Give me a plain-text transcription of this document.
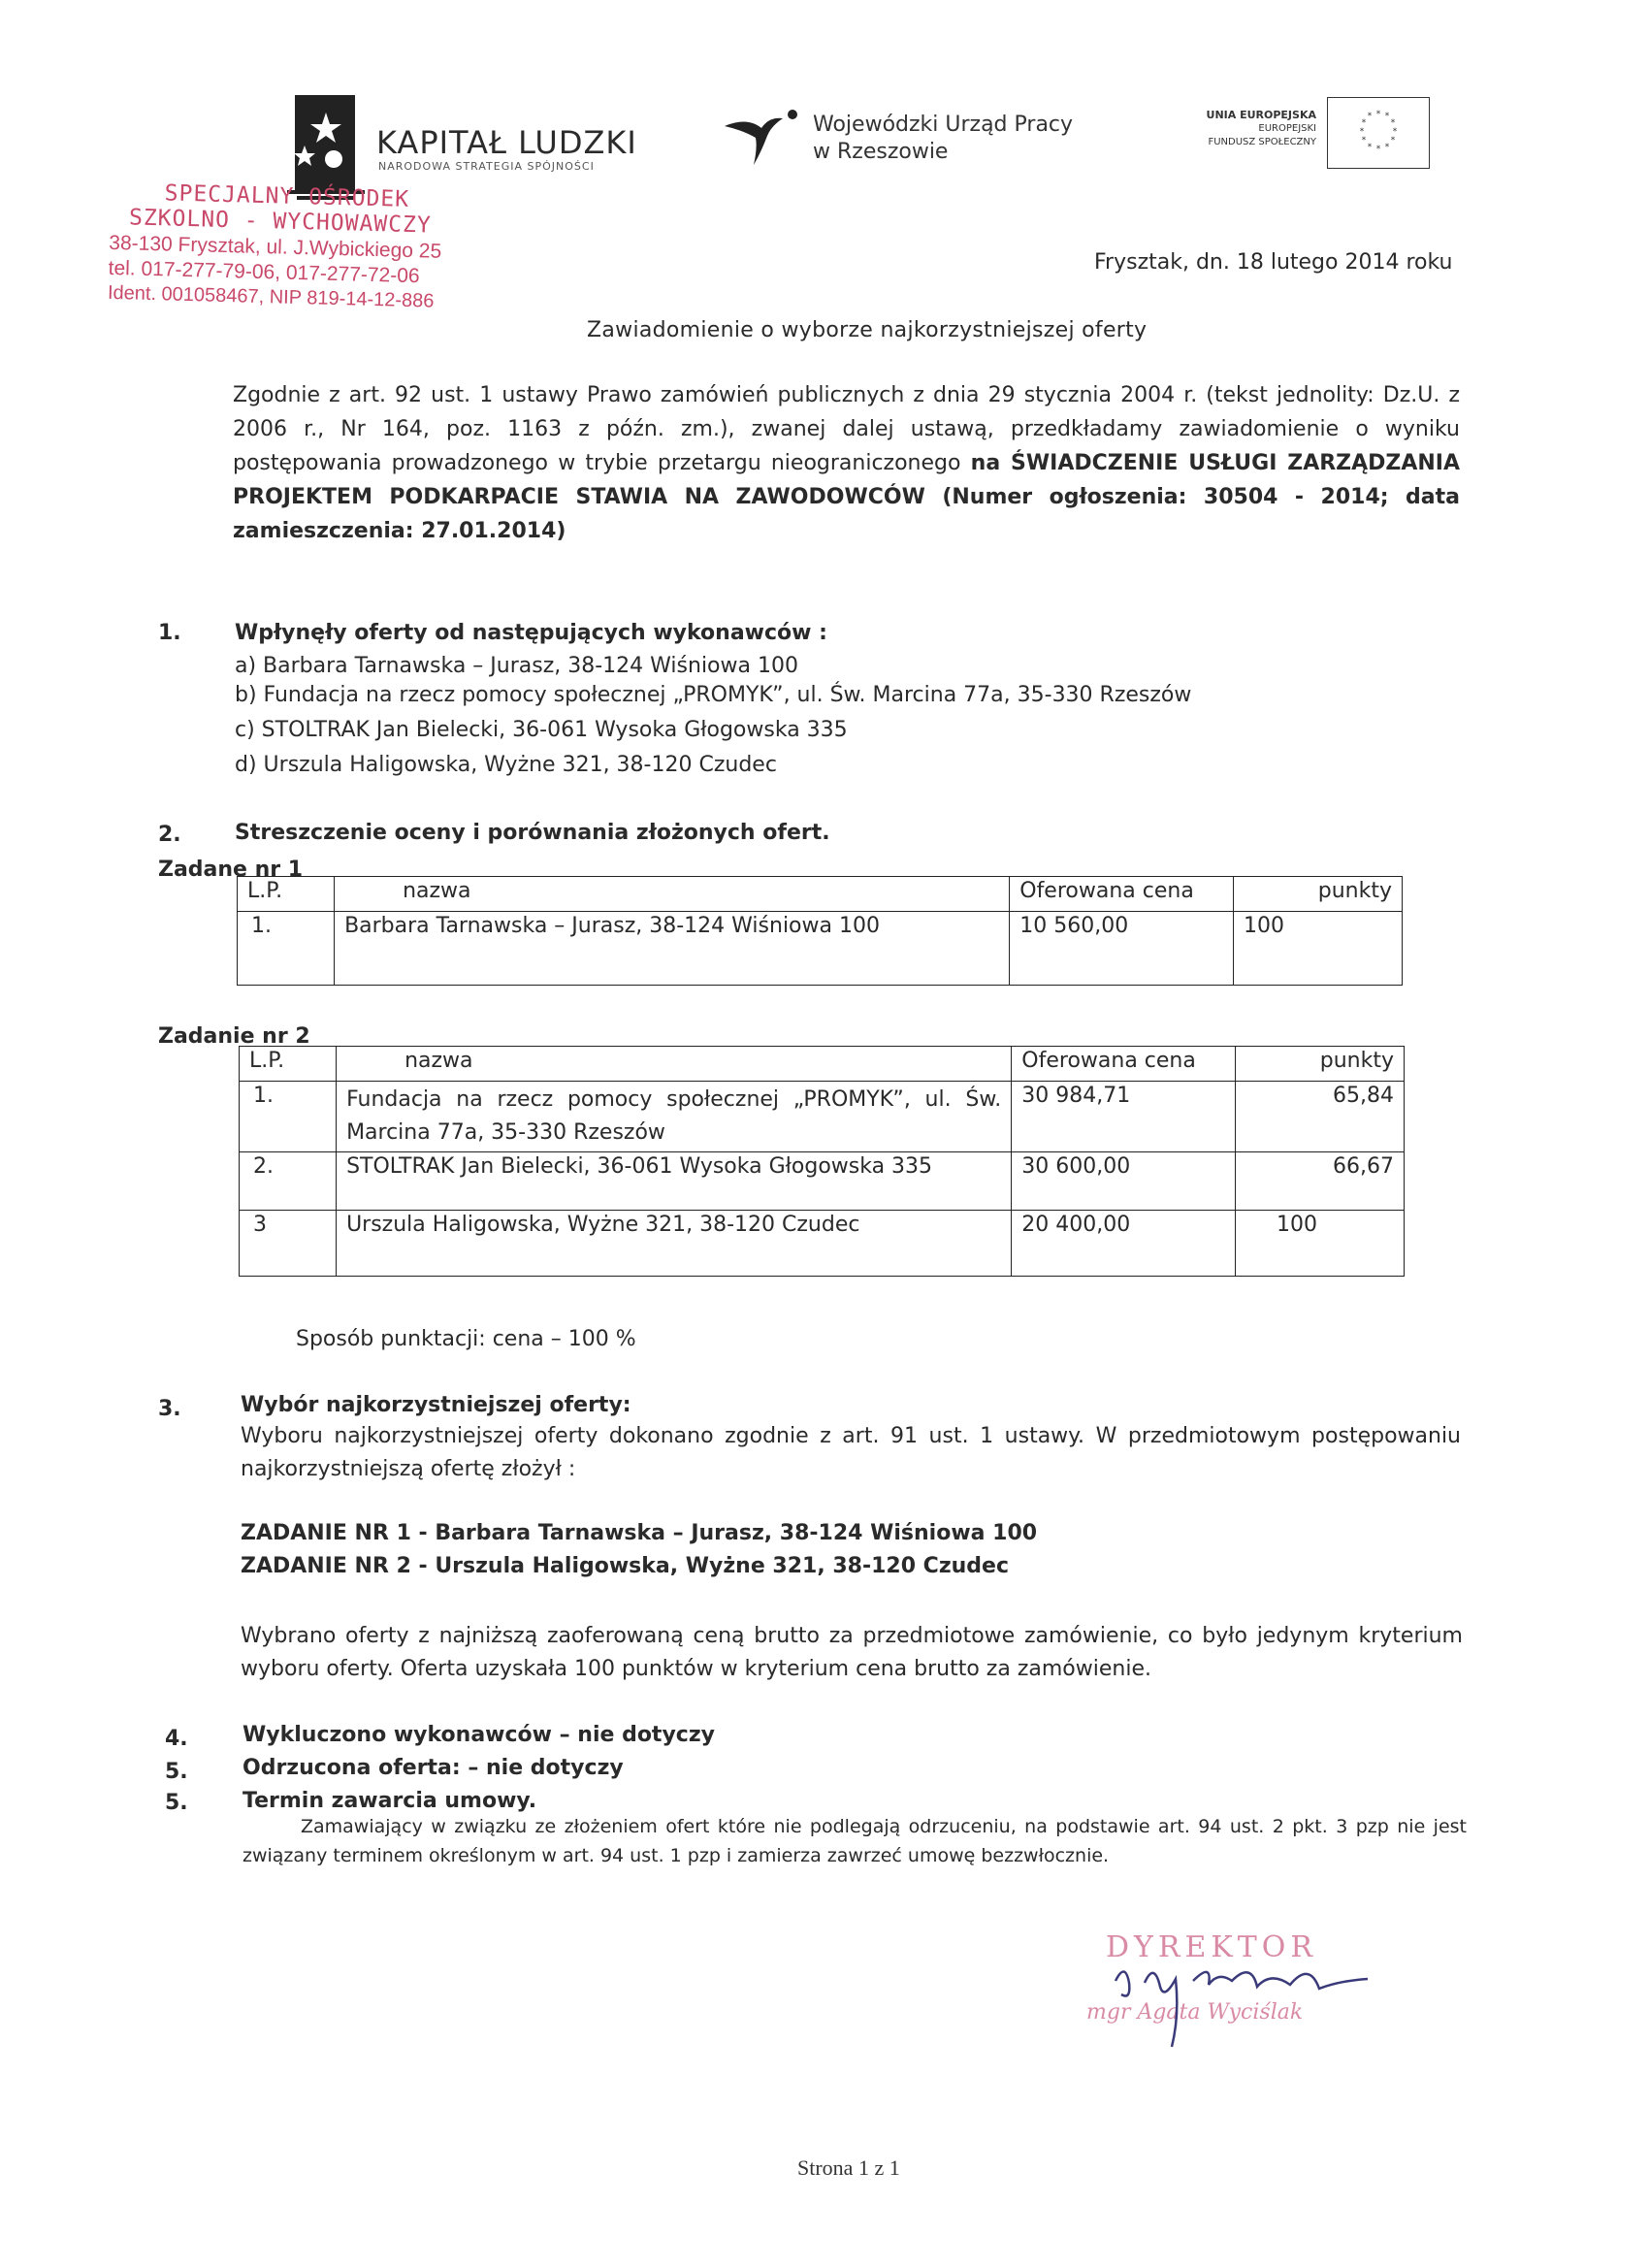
KAPITAŁ LUDZKI
NARODOWA STRATEGIA SPÓJNOŚCI
Wojewódzki Urząd Pracy
w Rzeszowie
UNIA EUROPEJSKA
EUROPEJSKI
FUNDUSZ SPOŁECZNY
* *
*
*
*
*
*
*
*
*
*
*
SPECJALNY OŚRODEK
SZKOLNO - WYCHOWAWCZY
38-130 Frysztak, ul. J.Wybickiego 25
tel. 017-277-79-06, 017-277-72-06
Ident. 001058467, NIP 819-14-12-886
Frysztak, dn. 18 lutego 2014 roku
Zawiadomienie o wyborze najkorzystniejszej oferty
Zgodnie z art. 92 ust. 1 ustawy Prawo zamówień publicznych z dnia 29 stycznia 2004 r. (tekst jednolity: Dz.U. z 2006 r., Nr 164, poz. 1163 z późn. zm.), zwanej dalej ustawą, przedkładamy zawiadomienie o wyniku postępowania prowadzonego w trybie przetargu nieograniczonego na ŚWIADCZENIE USŁUGI ZARZĄDZANIA PROJEKTEM PODKARPACIE STAWIA NA ZAWODOWCÓW (Numer ogłoszenia: 30504 - 2014; data zamieszczenia: 27.01.2014)
1.	Wpłynęły oferty od następujących wykonawców :
a) Barbara Tarnawska – Jurasz, 38-124 Wiśniowa 100
b) Fundacja na rzecz pomocy społecznej „PROMYK”, ul. Św. Marcina 77a, 35-330 Rzeszów
c) STOLTRAK Jan Bielecki, 36-061 Wysoka Głogowska 335
d) Urszula Haligowska, Wyżne 321, 38-120 Czudec
2.	Streszczenie oceny i porównania złożonych ofert.
Zadane nr 1
L.P.	nazwa	Oferowana cena	punkty
1.	Barbara Tarnawska – Jurasz, 38-124 Wiśniowa 100	10 560,00	100
Zadanie nr 2
L.P.	nazwa	Oferowana cena	punkty
1.	Fundacja na rzecz pomocy społecznej „PROMYK”, ul. Św. Marcina 77a, 35-330 Rzeszów	30 984,71	65,84
2.	STOLTRAK Jan Bielecki, 36-061 Wysoka Głogowska 335	30 600,00	66,67
3	Urszula Haligowska, Wyżne 321, 38-120 Czudec	20 400,00	100
Sposób punktacji: cena – 100 %
3.	Wybór najkorzystniejszej oferty:
Wyboru najkorzystniejszej oferty dokonano zgodnie z art. 91 ust. 1 ustawy. W przedmiotowym postępowaniu najkorzystniejszą ofertę złożył :
ZADANIE NR 1 - Barbara Tarnawska – Jurasz, 38-124 Wiśniowa 100
ZADANIE NR 2 - Urszula Haligowska, Wyżne 321, 38-120 Czudec
Wybrano oferty z najniższą zaoferowaną ceną brutto za przedmiotowe zamówienie, co było jedynym kryterium wyboru oferty. Oferta uzyskała 100 punktów w kryterium cena brutto za zamówienie.
4.	Wykluczono wykonawców – nie dotyczy
5.	Odrzucona oferta: – nie dotyczy
5.	Termin zawarcia umowy.
Zamawiający w związku ze złożeniem ofert które nie podlegają odrzuceniu, na podstawie art. 94 ust. 2 pkt. 3 pzp nie jest związany terminem określonym w art. 94 ust. 1 pzp i zamierza zawrzeć umowę bezzwłocznie.
DYREKTOR
mgr Agata Wyciślak
Strona 1 z 1
